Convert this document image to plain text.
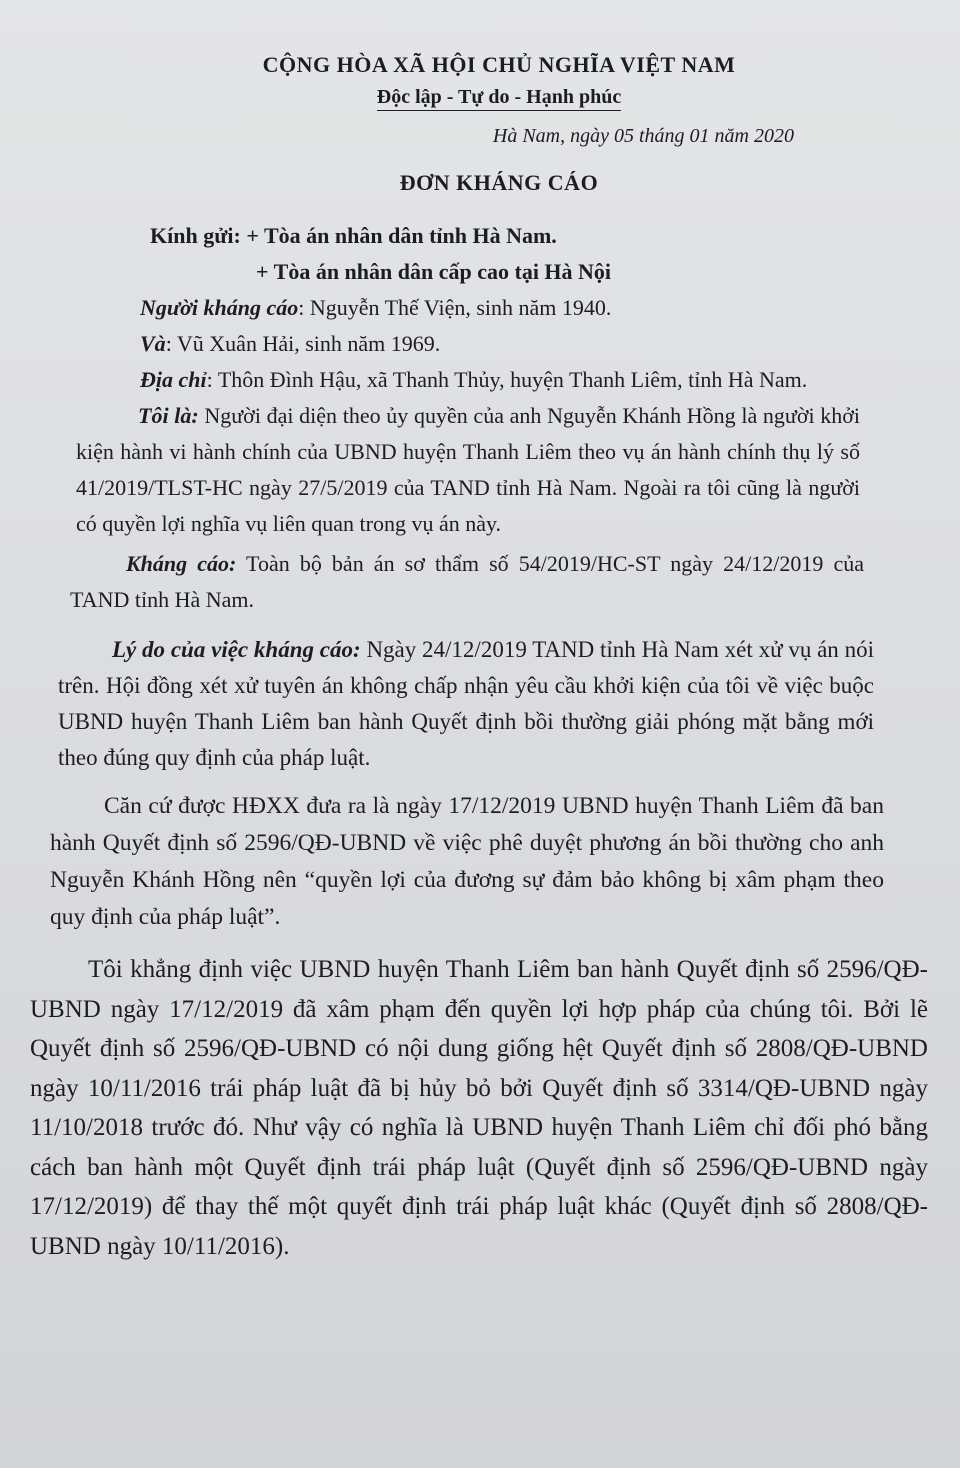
CỘNG HÒA XÃ HỘI CHỦ NGHĨA VIỆT NAM

Độc lập - Tự do - Hạnh phúc

Hà Nam, ngày 05 tháng 01 năm 2020

ĐƠN KHÁNG CÁO

Kính gửi: + Tòa án nhân dân tỉnh Hà Nam.

+ Tòa án nhân dân cấp cao tại Hà Nội

Người kháng cáo: Nguyễn Thế Viện, sinh năm 1940.

Và: Vũ Xuân Hải, sinh năm 1969.

Địa chỉ: Thôn Đình Hậu, xã Thanh Thủy, huyện Thanh Liêm, tỉnh Hà Nam.

Tôi là: Người đại diện theo ủy quyền của anh Nguyễn Khánh Hồng là người khởi kiện hành vi hành chính của UBND huyện Thanh Liêm theo vụ án hành chính thụ lý số 41/2019/TLST-HC ngày 27/5/2019 của TAND tỉnh Hà Nam. Ngoài ra tôi cũng là người có quyền lợi nghĩa vụ liên quan trong vụ án này.

Kháng cáo: Toàn bộ bản án sơ thẩm số 54/2019/HC-ST ngày 24/12/2019 của TAND tỉnh Hà Nam.

Lý do của việc kháng cáo: Ngày 24/12/2019 TAND tỉnh Hà Nam xét xử vụ án nói trên. Hội đồng xét xử tuyên án không chấp nhận yêu cầu khởi kiện của tôi về việc buộc UBND huyện Thanh Liêm ban hành Quyết định bồi thường giải phóng mặt bằng mới theo đúng quy định của pháp luật.

Căn cứ được HĐXX đưa ra là ngày 17/12/2019 UBND huyện Thanh Liêm đã ban hành Quyết định số 2596/QĐ-UBND về việc phê duyệt phương án bồi thường cho anh Nguyễn Khánh Hồng nên “quyền lợi của đương sự đảm bảo không bị xâm phạm theo quy định của pháp luật”.

Tôi khẳng định việc UBND huyện Thanh Liêm ban hành Quyết định số 2596/QĐ-UBND ngày 17/12/2019 đã xâm phạm đến quyền lợi hợp pháp của chúng tôi. Bởi lẽ Quyết định số 2596/QĐ-UBND có nội dung giống hệt Quyết định số 2808/QĐ-UBND ngày 10/11/2016 trái pháp luật đã bị hủy bỏ bởi Quyết định số 3314/QĐ-UBND ngày 11/10/2018 trước đó. Như vậy có nghĩa là UBND huyện Thanh Liêm chỉ đối phó bằng cách ban hành một Quyết định trái pháp luật (Quyết định số 2596/QĐ-UBND ngày 17/12/2019) để thay thế một quyết định trái pháp luật khác (Quyết định số 2808/QĐ-UBND ngày 10/11/2016).
